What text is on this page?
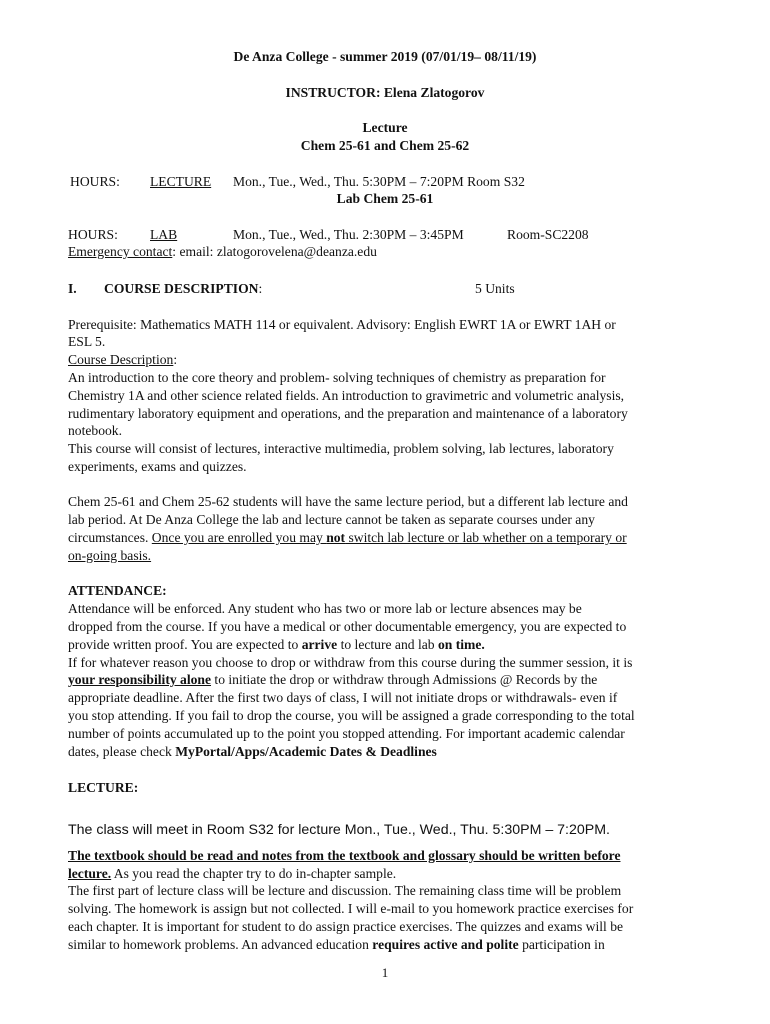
De Anza College - summer 2019 (07/01/19– 08/11/19)
INSTRUCTOR: Elena Zlatogorov
Lecture
Chem 25-61 and Chem 25-62
HOURS: LECTURE Mon., Tue., Wed., Thu. 5:30PM – 7:20PM Room S32
Lab Chem 25-61
HOURS: LAB	Mon., Tue., Wed., Thu. 2:30PM – 3:45PM	Room-SC2208
Emergency contact: email: zlatogorovelena@deanza.edu
I. COURSE DESCRIPTION:	5 Units
Prerequisite: Mathematics MATH 114 or equivalent. Advisory: English EWRT 1A or EWRT 1AH or
ESL 5.
Course Description:
An introduction to the core theory and problem- solving techniques of chemistry as preparation for
Chemistry 1A and other science related fields. An introduction to gravimetric and volumetric analysis,
rudimentary laboratory equipment and operations, and the preparation and maintenance of a laboratory
notebook.
This course will consist of lectures, interactive multimedia, problem solving, lab lectures, laboratory
experiments, exams and quizzes.
Chem 25-61 and Chem 25-62 students will have the same lecture period, but a different lab lecture and
lab period. At De Anza College the lab and lecture cannot be taken as separate courses under any
circumstances. Once you are enrolled you may not switch lab lecture or lab whether on a temporary or
on-going basis.
ATTENDANCE:
Attendance will be enforced. Any student who has two or more lab or lecture absences may be
dropped from the course. If you have a medical or other documentable emergency, you are expected to
provide written proof. You are expected to arrive to lecture and lab on time.
If for whatever reason you choose to drop or withdraw from this course during the summer session, it is
your responsibility alone to initiate the drop or withdraw through Admissions @ Records by the
appropriate deadline. After the first two days of class, I will not initiate drops or withdrawals- even if
you stop attending. If you fail to drop the course, you will be assigned a grade corresponding to the total
number of points accumulated up to the point you stopped attending. For important academic calendar
dates, please check MyPortal/Apps/Academic Dates & Deadlines
LECTURE:
The class will meet in Room S32 for lecture Mon., Tue., Wed., Thu. 5:30PM – 7:20PM.
The textbook should be read and notes from the textbook and glossary should be written before
lecture. As you read the chapter try to do in-chapter sample.
The first part of lecture class will be lecture and discussion. The remaining class time will be problem
solving. The homework is assign but not collected. I will e-mail to you homework practice exercises for
each chapter. It is important for student to do assign practice exercises. The quizzes and exams will be
similar to homework problems. An advanced education requires active and polite participation in
1
